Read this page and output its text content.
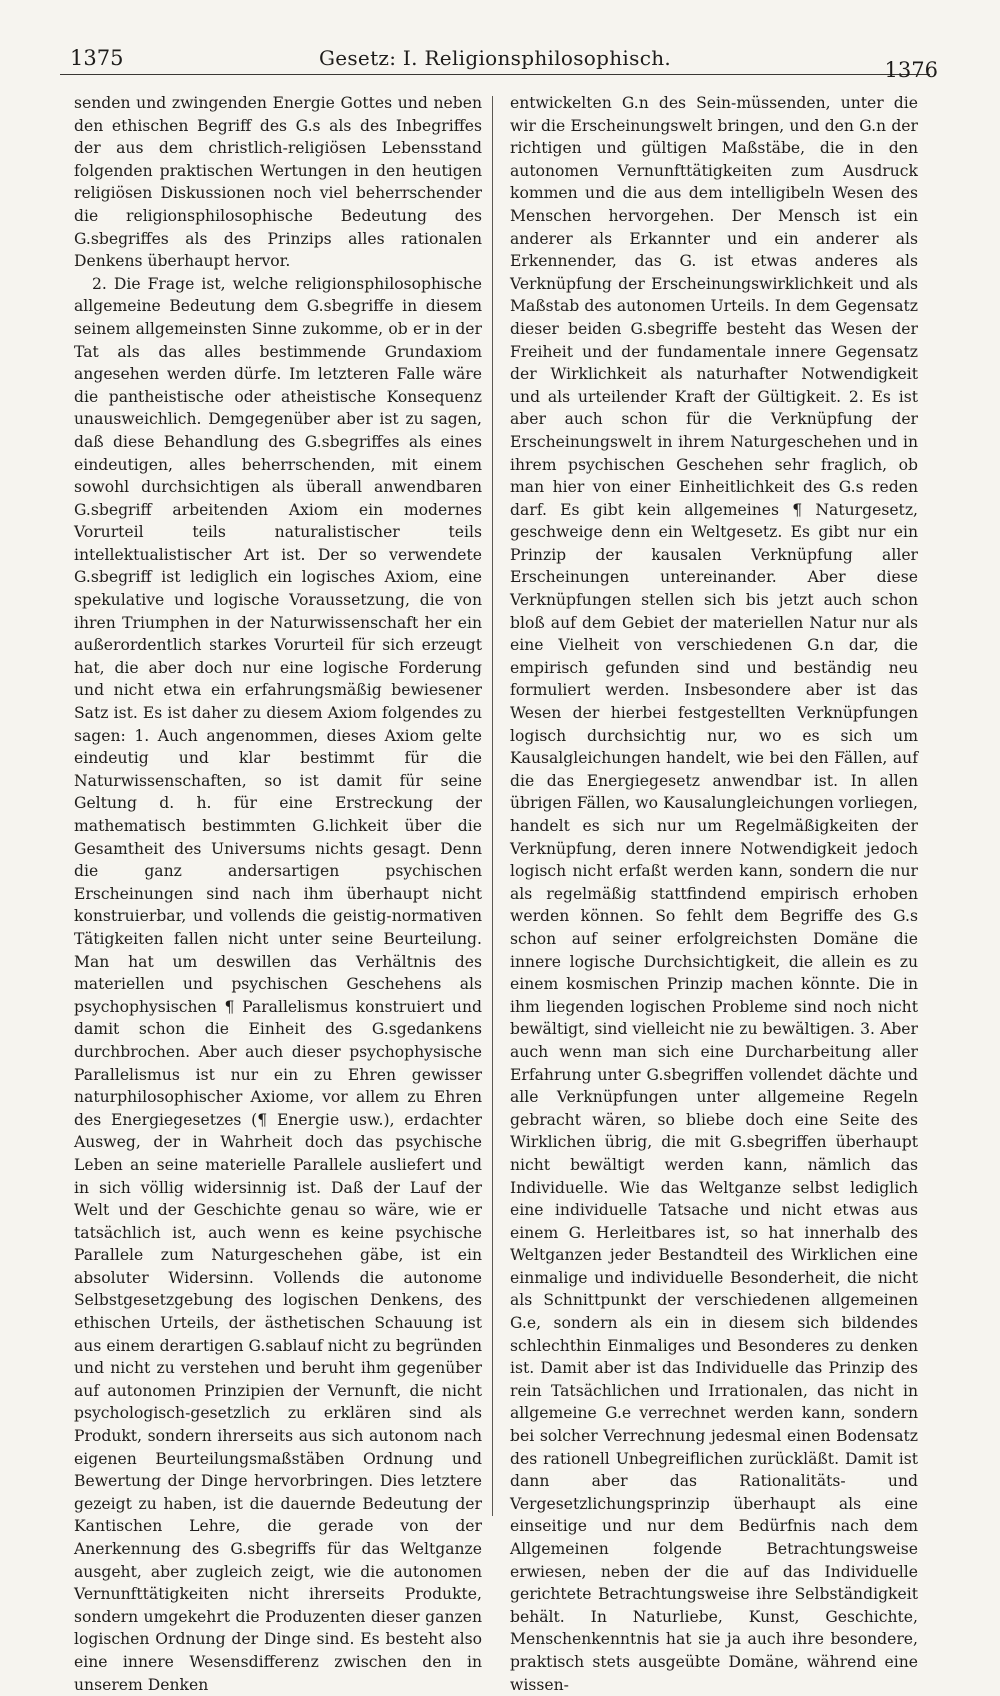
1375	Gesetz: I. Religionsphilosophisch.	1376

senden und zwingenden Energie Gottes und neben den ethischen Begriff des G.s als des Inbegriffes der aus dem christlich-religiösen Lebensstand folgenden praktischen Wertungen in den heutigen religiösen Diskussionen noch viel beherrschender die religionsphilosophische Bedeutung des G.sbegriffes als des Prinzips alles rationalen Denkens überhaupt hervor.

2. Die Frage ist, welche religionsphilosophische allgemeine Bedeutung dem G.sbegriffe in diesem seinem allgemeinsten Sinne zukomme, ob er in der Tat als das alles bestimmende Grundaxiom angesehen werden dürfe. Im letzteren Falle wäre die pantheistische oder atheistische Konsequenz unausweichlich. Demgegenüber aber ist zu sagen, daß diese Behandlung des G.sbegriffes als eines eindeutigen, alles beherrschenden, mit einem sowohl durchsichtigen als überall anwendbaren G.sbegriff arbeitenden Axiom ein modernes Vorurteil teils naturalistischer teils intellektualistischer Art ist. Der so verwendete G.sbegriff ist lediglich ein logisches Axiom, eine spekulative und logische Voraussetzung, die von ihren Triumphen in der Naturwissenschaft her ein außerordentlich starkes Vorurteil für sich erzeugt hat, die aber doch nur eine logische Forderung und nicht etwa ein erfahrungsmäßig bewiesener Satz ist. Es ist daher zu diesem Axiom folgendes zu sagen: 1. Auch angenommen, dieses Axiom gelte eindeutig und klar bestimmt für die Naturwissenschaften, so ist damit für seine Geltung d. h. für eine Erstreckung der mathematisch bestimmten G.lichkeit über die Gesamtheit des Universums nichts gesagt. Denn die ganz andersartigen psychischen Erscheinungen sind nach ihm überhaupt nicht konstruierbar, und vollends die geistig-normativen Tätigkeiten fallen nicht unter seine Beurteilung. Man hat um deswillen das Verhältnis des materiellen und psychischen Geschehens als psychophysischen ¶ Parallelismus konstruiert und damit schon die Einheit des G.sgedankens durchbrochen. Aber auch dieser psychophysische Parallelismus ist nur ein zu Ehren gewisser naturphilosophischer Axiome, vor allem zu Ehren des Energiegesetzes (¶ Energie usw.), erdachter Ausweg, der in Wahrheit doch das psychische Leben an seine materielle Parallele ausliefert und in sich völlig widersinnig ist. Daß der Lauf der Welt und der Geschichte genau so wäre, wie er tatsächlich ist, auch wenn es keine psychische Parallele zum Naturgeschehen gäbe, ist ein absoluter Widersinn. Vollends die autonome Selbstgesetzgebung des logischen Denkens, des ethischen Urteils, der ästhetischen Schauung ist aus einem derartigen G.sablauf nicht zu begründen und nicht zu verstehen und beruht ihm gegenüber auf autonomen Prinzipien der Vernunft, die nicht psychologisch-gesetzlich zu erklären sind als Produkt, sondern ihrerseits aus sich autonom nach eigenen Beurteilungsmaßstäben Ordnung und Bewertung der Dinge hervorbringen. Dies letztere gezeigt zu haben, ist die dauernde Bedeutung der Kantischen Lehre, die gerade von der Anerkennung des G.sbegriffs für das Weltganze ausgeht, aber zugleich zeigt, wie die autonomen Vernunfttätigkeiten nicht ihrerseits Produkte, sondern umgekehrt die Produzenten dieser ganzen logischen Ordnung der Dinge sind. Es besteht also eine innere Wesensdifferenz zwischen den in unserem Denken

entwickelten G.n des Sein-müssenden, unter die wir die Erscheinungswelt bringen, und den G.n der richtigen und gültigen Maßstäbe, die in den autonomen Vernunfttätigkeiten zum Ausdruck kommen und die aus dem intelligibeln Wesen des Menschen hervorgehen. Der Mensch ist ein anderer als Erkannter und ein anderer als Erkennender, das G. ist etwas anderes als Verknüpfung der Erscheinungswirklichkeit und als Maßstab des autonomen Urteils. In dem Gegensatz dieser beiden G.sbegriffe besteht das Wesen der Freiheit und der fundamentale innere Gegensatz der Wirklichkeit als naturhafter Notwendigkeit und als urteilender Kraft der Gültigkeit. 2. Es ist aber auch schon für die Verknüpfung der Erscheinungswelt in ihrem Naturgeschehen und in ihrem psychischen Geschehen sehr fraglich, ob man hier von einer Einheitlichkeit des G.s reden darf. Es gibt kein allgemeines ¶ Naturgesetz, geschweige denn ein Weltgesetz. Es gibt nur ein Prinzip der kausalen Verknüpfung aller Erscheinungen untereinander. Aber diese Verknüpfungen stellen sich bis jetzt auch schon bloß auf dem Gebiet der materiellen Natur nur als eine Vielheit von verschiedenen G.n dar, die empirisch gefunden sind und beständig neu formuliert werden. Insbesondere aber ist das Wesen der hierbei festgestellten Verknüpfungen logisch durchsichtig nur, wo es sich um Kausalgleichungen handelt, wie bei den Fällen, auf die das Energiegesetz anwendbar ist. In allen übrigen Fällen, wo Kausalungleichungen vorliegen, handelt es sich nur um Regelmäßigkeiten der Verknüpfung, deren innere Notwendigkeit jedoch logisch nicht erfaßt werden kann, sondern die nur als regelmäßig stattfindend empirisch erhoben werden können. So fehlt dem Begriffe des G.s schon auf seiner erfolgreichsten Domäne die innere logische Durchsichtigkeit, die allein es zu einem kosmischen Prinzip machen könnte. Die in ihm liegenden logischen Probleme sind noch nicht bewältigt, sind vielleicht nie zu bewältigen. 3. Aber auch wenn man sich eine Durcharbeitung aller Erfahrung unter G.sbegriffen vollendet dächte und alle Verknüpfungen unter allgemeine Regeln gebracht wären, so bliebe doch eine Seite des Wirklichen übrig, die mit G.sbegriffen überhaupt nicht bewältigt werden kann, nämlich das Individuelle. Wie das Weltganze selbst lediglich eine individuelle Tatsache und nicht etwas aus einem G. Herleitbares ist, so hat innerhalb des Weltganzen jeder Bestandteil des Wirklichen eine einmalige und individuelle Besonderheit, die nicht als Schnittpunkt der verschiedenen allgemeinen G.e, sondern als ein in diesem sich bildendes schlechthin Einmaliges und Besonderes zu denken ist. Damit aber ist das Individuelle das Prinzip des rein Tatsächlichen und Irrationalen, das nicht in allgemeine G.e verrechnet werden kann, sondern bei solcher Verrechnung jedesmal einen Bodensatz des rationell Unbegreiflichen zurückläßt. Damit ist dann aber das Rationalitäts- und Vergesetzlichungsprinzip überhaupt als eine einseitige und nur dem Bedürfnis nach dem Allgemeinen folgende Betrachtungsweise erwiesen, neben der die auf das Individuelle gerichtete Betrachtungsweise ihre Selbständigkeit behält. In Naturliebe, Kunst, Geschichte, Menschenkenntnis hat sie ja auch ihre besondere, praktisch stets ausgeübte Domäne, während eine wissen-
